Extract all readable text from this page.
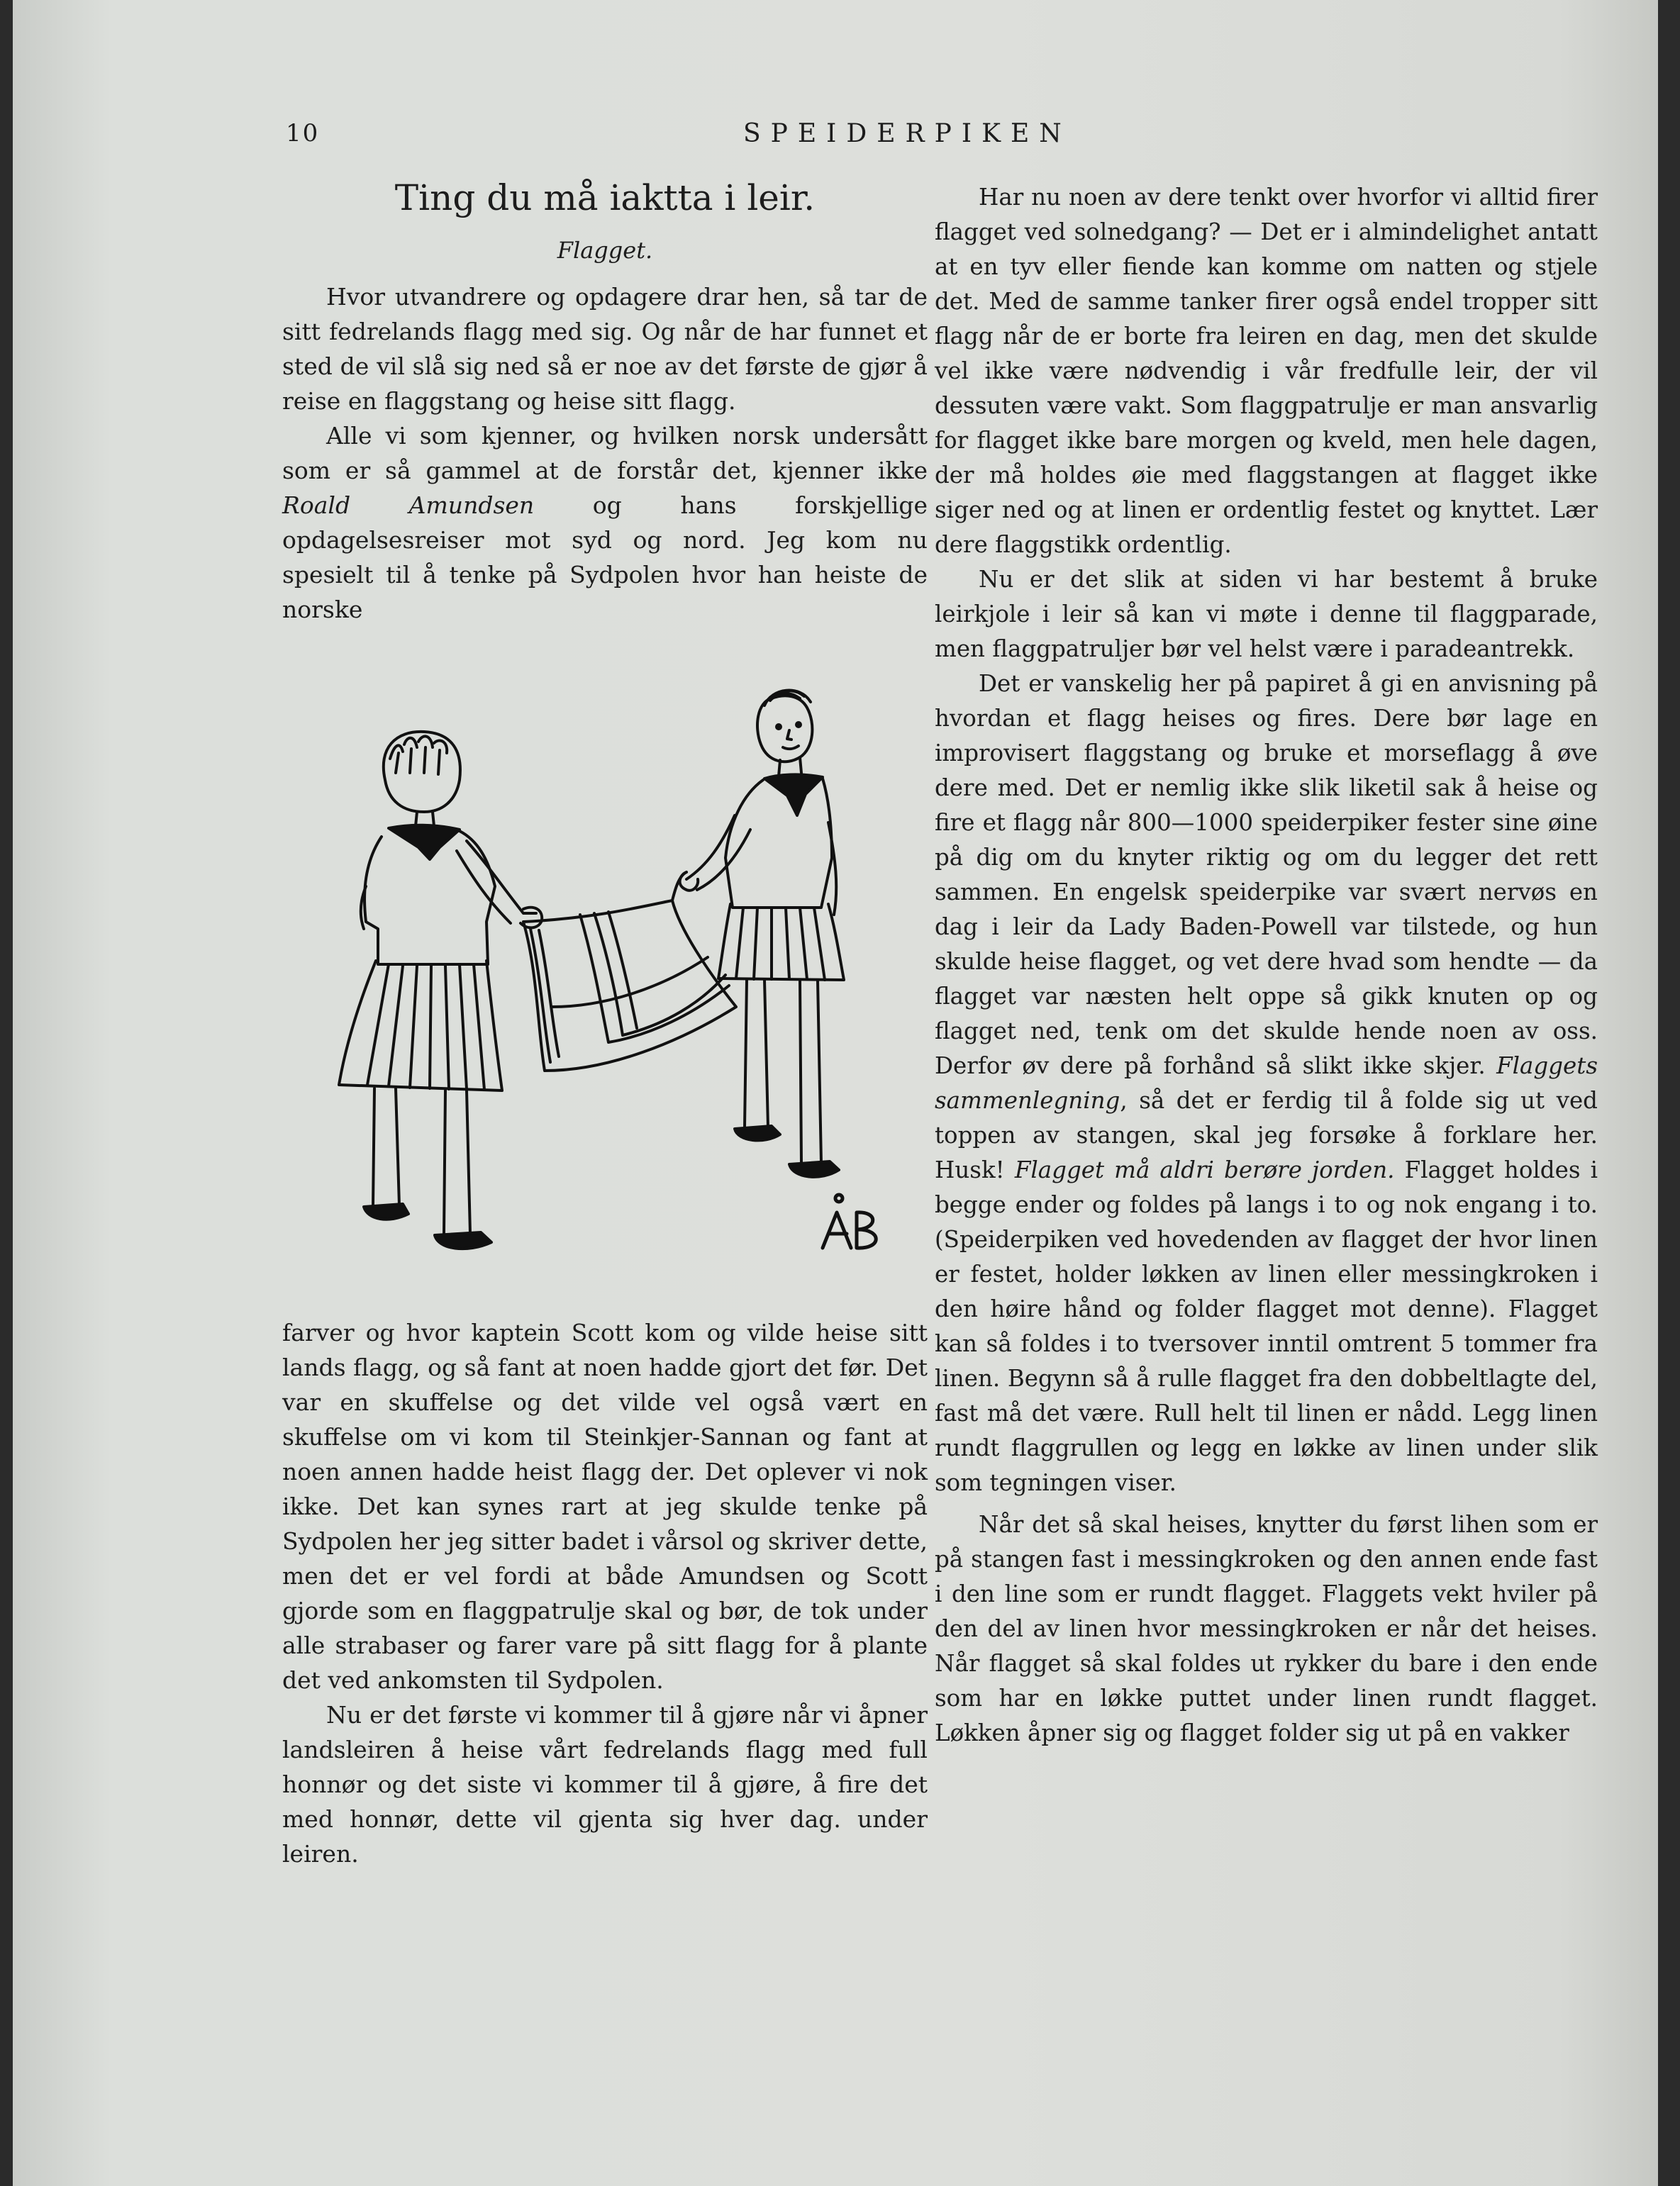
10	SPEIDERPIKEN
Ting du må iaktta i leir.
Flagget.

Hvor utvandrere og opdagere drar hen, så tar de sitt fedrelands flagg med sig. Og når de har funnet et sted de vil slå sig ned så er noe av det første de gjør å reise en flaggstang og heise sitt flagg.

Alle vi som kjenner, og hvilken norsk undersått som er så gammel at de forstår det, kjenner ikke Roald Amundsen og hans forskjellige opdagelsesreiser mot syd og nord. Jeg kom nu spesielt til å tenke på Sydpolen hvor han heiste de norske

farver og hvor kaptein Scott kom og vilde heise sitt lands flagg, og så fant at noen hadde gjort det før. Det var en skuffelse og det vilde vel også vært en skuffelse om vi kom til Steinkjer-Sannan og fant at noen annen hadde heist flagg der. Det oplever vi nok ikke. Det kan synes rart at jeg skulde tenke på Sydpolen her jeg sitter badet i vårsol og skriver dette, men det er vel fordi at både Amundsen og Scott gjorde som en flaggpatrulje skal og bør, de tok under alle strabaser og farer vare på sitt flagg for å plante det ved ankomsten til Sydpolen.

Nu er det første vi kommer til å gjøre når vi åpner landsleiren å heise vårt fedrelands flagg med full honnør og det siste vi kommer til å gjøre, å fire det med honnør, dette vil gjenta sig hver dag. under leiren.

Har nu noen av dere tenkt over hvorfor vi alltid firer flagget ved solnedgang? — Det er i almindelighet antatt at en tyv eller fiende kan komme om natten og stjele det. Med de samme tanker firer også endel tropper sitt flagg når de er borte fra leiren en dag, men det skulde vel ikke være nødvendig i vår fredfulle leir, der vil dessuten være vakt. Som flaggpatrulje er man ansvarlig for flagget ikke bare morgen og kveld, men hele dagen, der må holdes øie med flaggstangen at flagget ikke siger ned og at linen er ordentlig festet og knyttet. Lær dere flaggstikk ordentlig.

Nu er det slik at siden vi har bestemt å bruke leirkjole i leir så kan vi møte i denne til flaggparade, men flaggpatruljer bør vel helst være i paradeantrekk.

Det er vanskelig her på papiret å gi en anvisning på hvordan et flagg heises og fires. Dere bør lage en improvisert flaggstang og bruke et morseflagg å øve dere med. Det er nemlig ikke slik liketil sak å heise og fire et flagg når 800—1000 speiderpiker fester sine øine på dig om du knyter riktig og om du legger det rett sammen. En engelsk speiderpike var svært nervøs en dag i leir da Lady Baden-Powell var tilstede, og hun skulde heise flagget, og vet dere hvad som hendte — da flagget var næsten helt oppe så gikk knuten op og flagget ned, tenk om det skulde hende noen av oss. Derfor øv dere på forhånd så slikt ikke skjer. Flaggets sammenlegning, så det er ferdig til å folde sig ut ved toppen av stangen, skal jeg forsøke å forklare her. Husk! Flagget må aldri berøre jorden. Flagget holdes i begge ender og foldes på langs i to og nok engang i to. (Speiderpiken ved hovedenden av flagget der hvor linen er festet, holder løkken av linen eller messingkroken i den høire hånd og folder flagget mot denne). Flagget kan så foldes i to tversover inntil omtrent 5 tommer fra linen. Begynn så å rulle flagget fra den dobbeltlagte del, fast må det være. Rull helt til linen er nådd. Legg linen rundt flaggrullen og legg en løkke av linen under slik som tegningen viser.

Når det så skal heises, knytter du først lihen som er på stangen fast i messingkroken og den annen ende fast i den line som er rundt flagget. Flaggets vekt hviler på den del av linen hvor messingkroken er når det heises. Når flagget så skal foldes ut rykker du bare i den ende som har en løkke puttet under linen rundt flagget. Løkken åpner sig og flagget folder sig ut på en vakker
